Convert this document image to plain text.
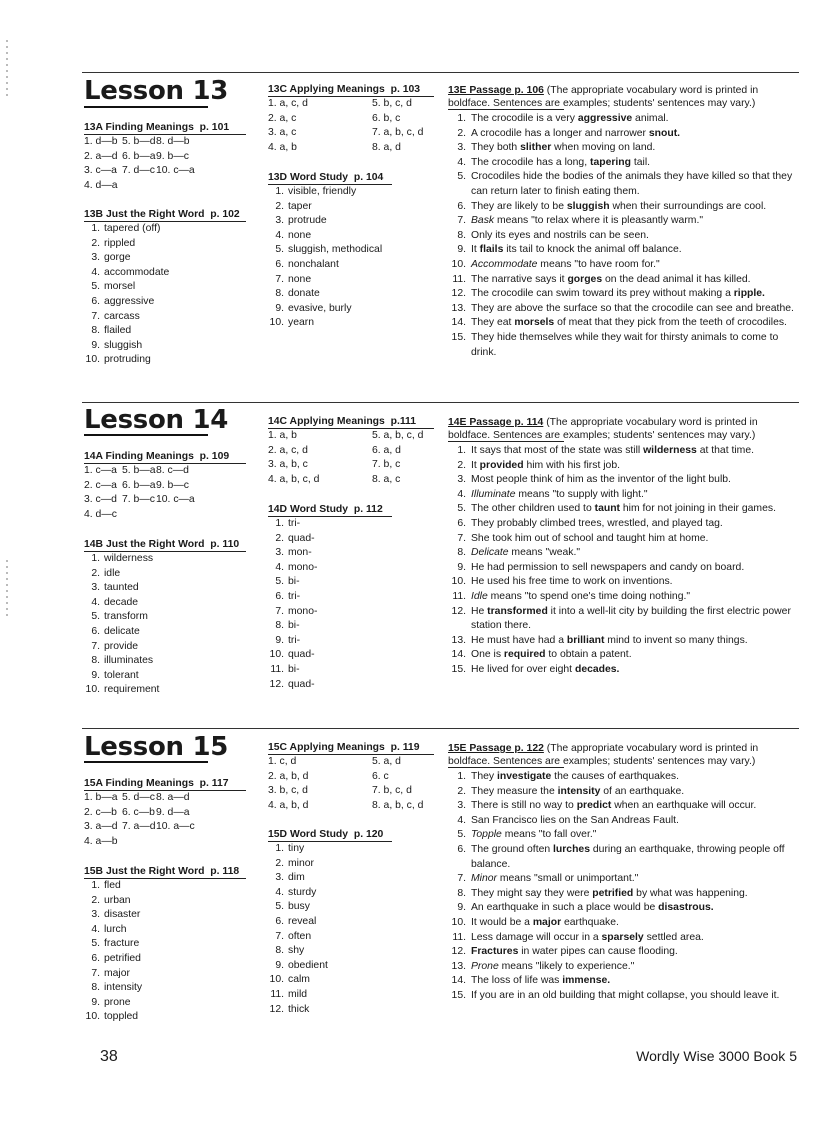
Lesson 13
13A Finding Meanings p. 101
1. d—b 5. b—d 8. d—b
2. a—d 6. b—a 9. b—c
3. c—a 7. d—c 10. c—a
4. d—a
13B Just the Right Word p. 102
1. tapered (off)
2. rippled
3. gorge
4. accommodate
5. morsel
6. aggressive
7. carcass
8. flailed
9. sluggish
10. protruding
13C Applying Meanings p. 103
1. a, c, d	5. b, c, d
2. a, c	6. b, c
3. a, c	7. a, b, c, d
4. a, b	8. a, d
13D Word Study p. 104
1. visible, friendly
2. taper
3. protrude
4. none
5. sluggish, methodical
6. nonchalant
7. none
8. donate
9. evasive, burly
10. yearn
13E Passage p. 106 (The appropriate vocabulary word is printed in boldface. Sentences are examples; students' sentences may vary.)
1. The crocodile is a very aggressive animal.
2. A crocodile has a longer and narrower snout.
3. They both slither when moving on land.
4. The crocodile has a long, tapering tail.
5. Crocodiles hide the bodies of the animals they have killed so that they can return later to finish eating them.
6. They are likely to be sluggish when their surroundings are cool.
7. Bask means "to relax where it is pleasantly warm."
8. Only its eyes and nostrils can be seen.
9. It flails its tail to knock the animal off balance.
10. Accommodate means "to have room for."
11. The narrative says it gorges on the dead animal it has killed.
12. The crocodile can swim toward its prey without making a ripple.
13. They are above the surface so that the crocodile can see and breathe.
14. They eat morsels of meat that they pick from the teeth of crocodiles.
15. They hide themselves while they wait for thirsty animals to come to drink.
Lesson 14
14A Finding Meanings p. 109
1. c—a 5. b—a 8. c—d
2. c—a 6. b—a 9. b—c
3. c—d 7. b—c 10. c—a
4. d—c
14B Just the Right Word p. 110
1. wilderness
2. idle
3. taunted
4. decade
5. transform
6. delicate
7. provide
8. illuminates
9. tolerant
10. requirement
14C Applying Meanings p.111
1. a, b	5. a, b, c, d
2. a, c, d	6. a, d
3. a, b, c	7. b, c
4. a, b, c, d	8. a, c
14D Word Study p. 112
1. tri-
2. quad-
3. mon-
4. mono-
5. bi-
6. tri-
7. mono-
8. bi-
9. tri-
10. quad-
11. bi-
12. quad-
14E Passage p. 114 (The appropriate vocabulary word is printed in boldface. Sentences are examples; students' sentences may vary.)
1. It says that most of the state was still wilderness at that time.
2. It provided him with his first job.
3. Most people think of him as the inventor of the light bulb.
4. Illuminate means "to supply with light."
5. The other children used to taunt him for not joining in their games.
6. They probably climbed trees, wrestled, and played tag.
7. She took him out of school and taught him at home.
8. Delicate means "weak."
9. He had permission to sell newspapers and candy on board.
10. He used his free time to work on inventions.
11. Idle means "to spend one's time doing nothing."
12. He transformed it into a well-lit city by building the first electric power station there.
13. He must have had a brilliant mind to invent so many things.
14. One is required to obtain a patent.
15. He lived for over eight decades.
Lesson 15
15A Finding Meanings p. 117
1. b—a 5. d—c 8. a—d
2. c—b 6. c—b 9. d—a
3. a—d 7. a—d 10. a—c
4. a—b
15B Just the Right Word p. 118
1. fled
2. urban
3. disaster
4. lurch
5. fracture
6. petrified
7. major
8. intensity
9. prone
10. toppled
15C Applying Meanings p. 119
1. c, d	5. a, d
2. a, b, d	6. c
3. b, c, d	7. b, c, d
4. a, b, d	8. a, b, c, d
15D Word Study p. 120
1. tiny
2. minor
3. dim
4. sturdy
5. busy
6. reveal
7. often
8. shy
9. obedient
10. calm
11. mild
12. thick
15E Passage p. 122 (The appropriate vocabulary word is printed in boldface. Sentences are examples; students' sentences may vary.)
1. They investigate the causes of earthquakes.
2. They measure the intensity of an earthquake.
3. There is still no way to predict when an earthquake will occur.
4. San Francisco lies on the San Andreas Fault.
5. Topple means "to fall over."
6. The ground often lurches during an earthquake, throwing people off balance.
7. Minor means "small or unimportant."
8. They might say they were petrified by what was happening.
9. An earthquake in such a place would be disastrous.
10. It would be a major earthquake.
11. Less damage will occur in a sparsely settled area.
12. Fractures in water pipes can cause flooding.
13. Prone means "likely to experience."
14. The loss of life was immense.
15. If you are in an old building that might collapse, you should leave it.
38	Wordly Wise 3000 Book 5
